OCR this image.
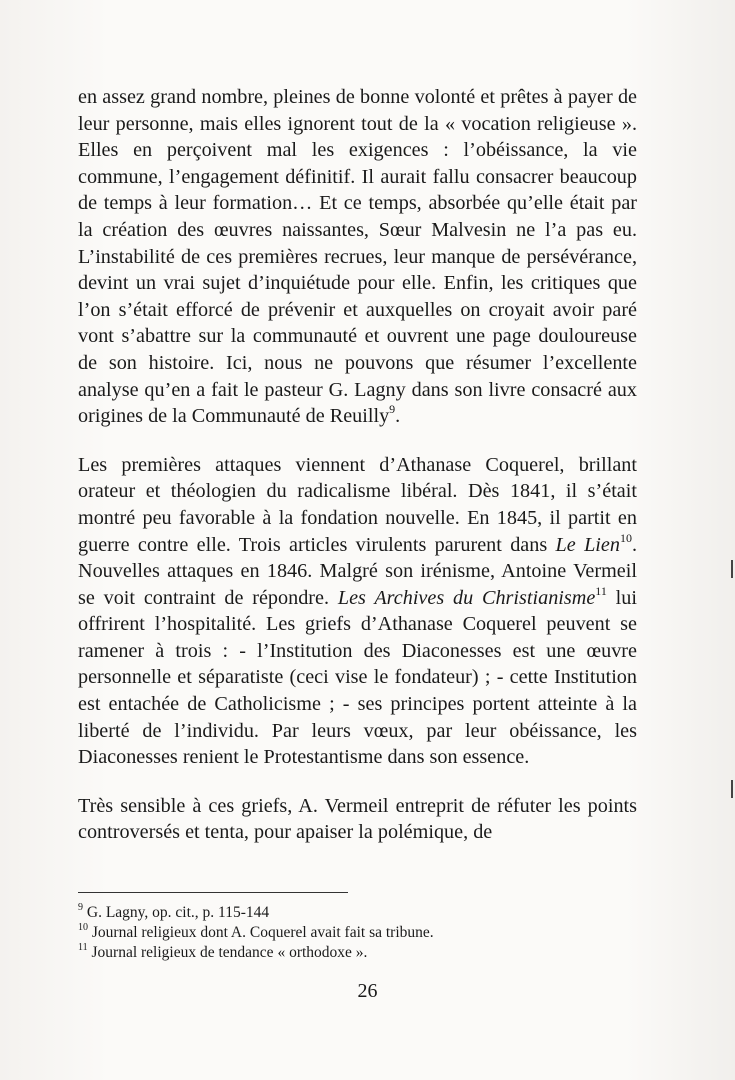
en assez grand nombre, pleines de bonne volonté et prêtes à payer de leur personne, mais elles ignorent tout de la « vocation religieuse ». Elles en perçoivent mal les exigences : l’obéissance, la vie commune, l’engagement définitif. Il aurait fallu consacrer beaucoup de temps à leur formation… Et ce temps, absorbée qu’elle était par la création des œuvres naissantes, Sœur Malvesin ne l’a pas eu. L’instabilité de ces premières recrues, leur manque de persévérance, devint un vrai sujet d’inquiétude pour elle. Enfin, les critiques que l’on s’était efforcé de prévenir et auxquelles on croyait avoir paré vont s’abattre sur la communauté et ouvrent une page douloureuse de son histoire. Ici, nous ne pouvons que résumer l’excellente analyse qu’en a fait le pasteur G. Lagny dans son livre consacré aux origines de la Communauté de Reuilly$^9$.

Les premières attaques viennent d’Athanase Coquerel, brillant orateur et théologien du radicalisme libéral. Dès 1841, il s’était montré peu favorable à la fondation nouvelle. En 1845, il partit en guerre contre elle. Trois articles virulents parurent dans Le Lien$^{10}$. Nouvelles attaques en 1846. Malgré son irénisme, Antoine Vermeil se voit contraint de répondre. Les Archives du Christianisme$^{11}$ lui offrirent l’hospitalité. Les griefs d’Athanase Coquerel peuvent se ramener à trois : - l’Institution des Diaconesses est une œuvre personnelle et séparatiste (ceci vise le fondateur) ; - cette Institution est entachée de Catholicisme ; - ses principes portent atteinte à la liberté de l’individu. Par leurs vœux, par leur obéissance, les Diaconesses renient le Protestantisme dans son essence.

Très sensible à ces griefs, A. Vermeil entreprit de réfuter les points controversés et tenta, pour apaiser la polémique, de

$^9$ G. Lagny, op. cit., p. 115-144
$^{10}$ Journal religieux dont A. Coquerel avait fait sa tribune.
$^{11}$ Journal religieux de tendance « orthodoxe ».
26
